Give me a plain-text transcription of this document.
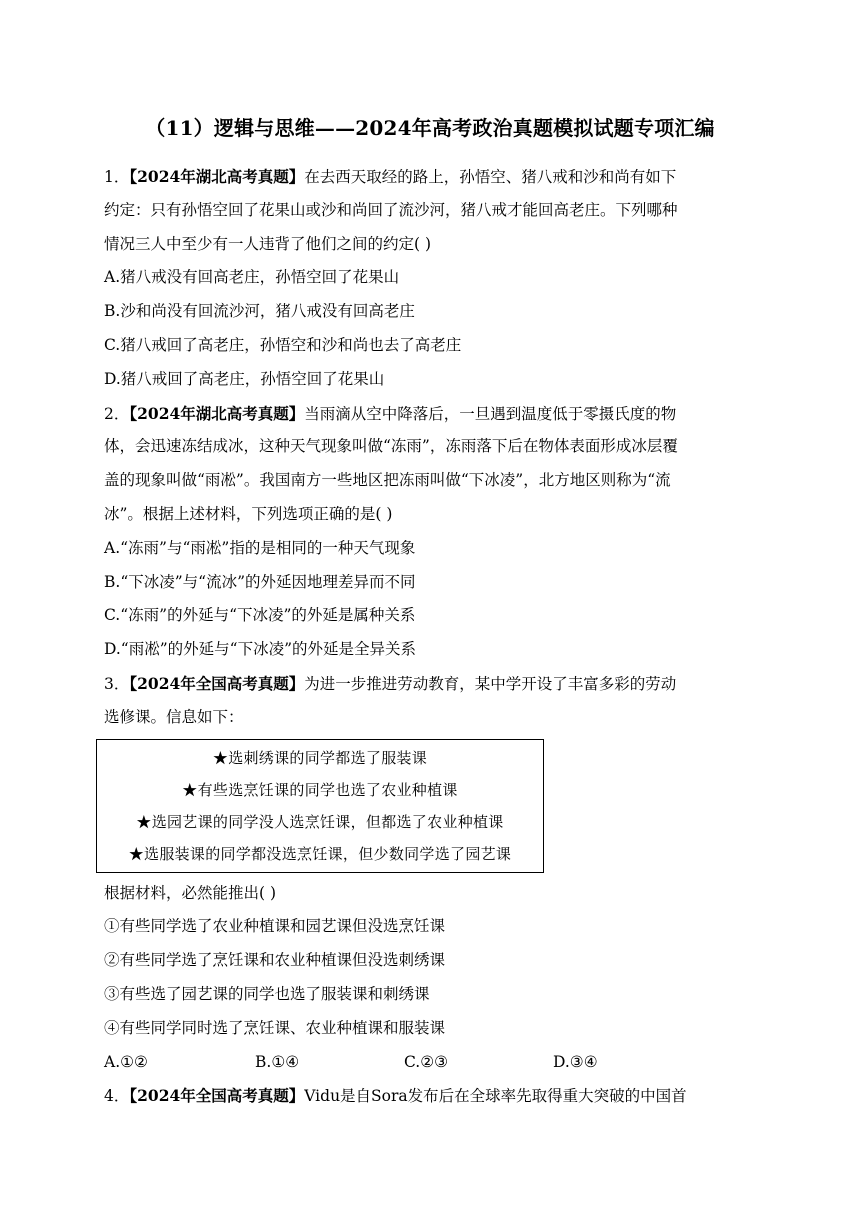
（11）逻辑与思维——2024年高考政治真题模拟试题专项汇编
1．【2024年湖北高考真题】在去西天取经的路上，孙悟空、猪八戒和沙和尚有如下
约定：只有孙悟空回了花果山或沙和尚回了流沙河，猪八戒才能回高老庄。下列哪种
情况三人中至少有一人违背了他们之间的约定( )
A.猪八戒没有回高老庄，孙悟空回了花果山
B.沙和尚没有回流沙河，猪八戒没有回高老庄
C.猪八戒回了高老庄，孙悟空和沙和尚也去了高老庄
D.猪八戒回了高老庄，孙悟空回了花果山
2．【2024年湖北高考真题】当雨滴从空中降落后，一旦遇到温度低于零摄氏度的物
体，会迅速冻结成冰，这种天气现象叫做“冻雨”，冻雨落下后在物体表面形成冰层覆
盖的现象叫做“雨凇”。我国南方一些地区把冻雨叫做“下冰凌”，北方地区则称为“流
冰”。根据上述材料，下列选项正确的是( )
A.“冻雨”与“雨凇”指的是相同的一种天气现象
B.“下冰凌”与“流冰”的外延因地理差异而不同
C.“冻雨”的外延与“下冰凌”的外延是属种关系
D.“雨凇”的外延与“下冰凌”的外延是全异关系
3．【2024年全国高考真题】为进一步推进劳动教育，某中学开设了丰富多彩的劳动
选修课。信息如下：
★选刺绣课的同学都选了服装课
★有些选烹饪课的同学也选了农业种植课
★选园艺课的同学没人选烹饪课，但都选了农业种植课
★选服装课的同学都没选烹饪课，但少数同学选了园艺课
根据材料，必然能推出( )
①有些同学选了农业种植课和园艺课但没选烹饪课
②有些同学选了烹饪课和农业种植课但没选刺绣课
③有些选了园艺课的同学也选了服装课和刺绣课
④有些同学同时选了烹饪课、农业种植课和服装课
A.①②	B.①④	C.②③	D.③④
4．【2024年全国高考真题】Vidu是自Sora发布后在全球率先取得重大突破的中国首
